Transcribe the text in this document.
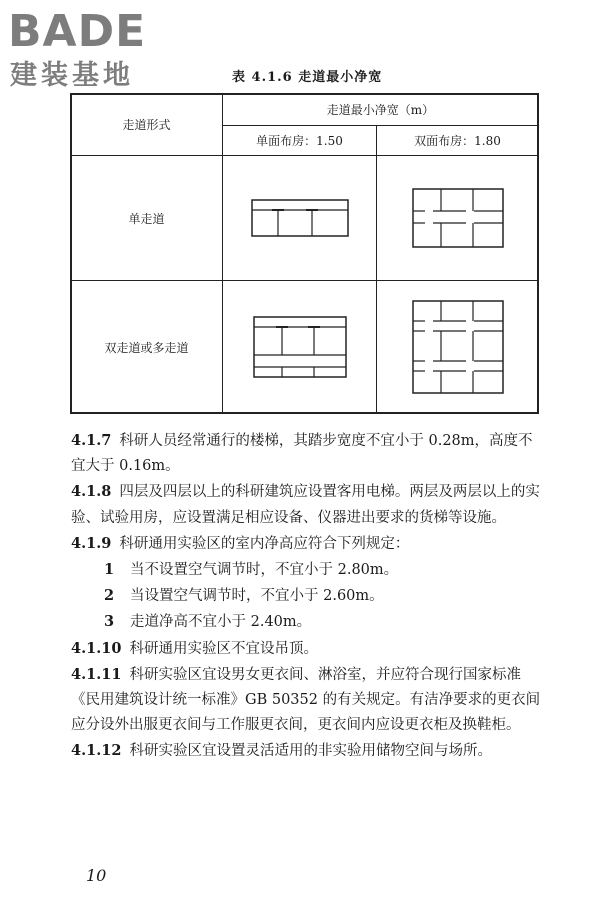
BADE
建装基地	表 4.1.6 走道最小净宽
走道形式
走道最小净宽（m）
单面布房：1.50	双面布房：1.80
单走道
双走道或多走道

4.1.7 科研人员经常通行的楼梯，其踏步宽度不宜小于 0.28m，高度不宜大于 0.16m。

4.1.8 四层及四层以上的科研建筑应设置客用电梯。两层及两层以上的实验、试验用房，应设置满足相应设备、仪器进出要求的货梯等设施。

4.1.9 科研通用实验区的室内净高应符合下列规定：

1 当不设置空气调节时，不宜小于 2.80m。

2 当设置空气调节时，不宜小于 2.60m。

3 走道净高不宜小于 2.40m。

4.1.10 科研通用实验区不宜设吊顶。

4.1.11 科研实验区宜设男女更衣间、淋浴室，并应符合现行国家标准《民用建筑设计统一标准》GB 50352 的有关规定。有洁净要求的更衣间应分设外出服更衣间与工作服更衣间，更衣间内应设更衣柜及换鞋柜。

4.1.12 科研实验区宜设置灵活适用的非实验用储物空间与场所。

10
